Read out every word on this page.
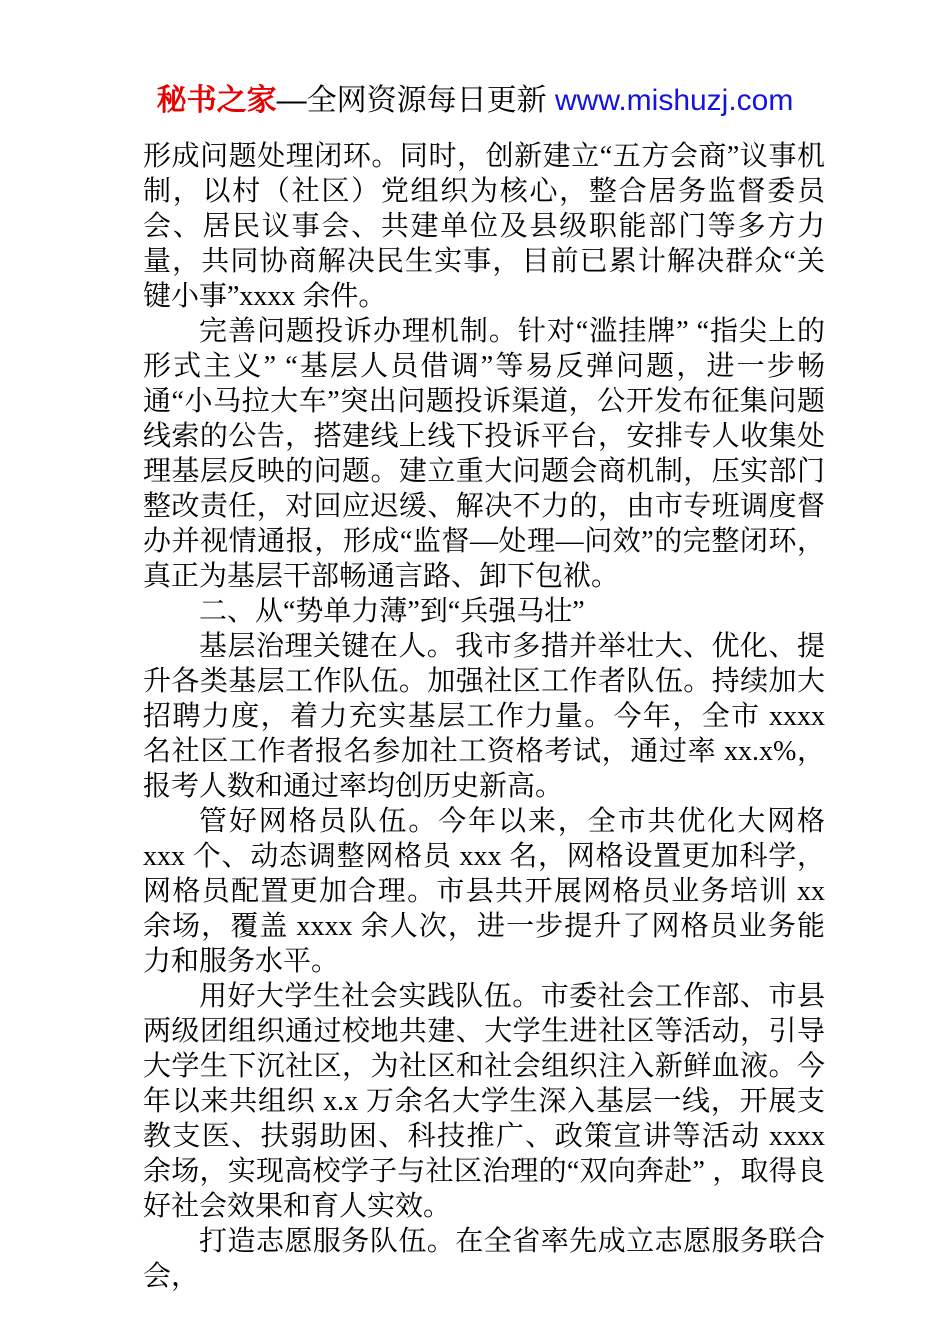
秘书之家—全网资源每日更新 www.mishuzj.com

形成问题处理闭环。同时，创新建立“五方会商”议事机制，以村（社区）党组织为核心，整合居务监督委员会、居民议事会、共建单位及县级职能部门等多方力量，共同协商解决民生实事，目前已累计解决群众“关键小事”xxxx 余件。

完善问题投诉办理机制。针对“滥挂牌” “指尖上的形式主义” “基层人员借调”等易反弹问题，进一步畅通“小马拉大车”突出问题投诉渠道，公开发布征集问题线索的公告，搭建线上线下投诉平台，安排专人收集处理基层反映的问题。建立重大问题会商机制，压实部门整改责任，对回应迟缓、解决不力的，由市专班调度督办并视情通报，形成“监督—处理—问效”的完整闭环，真正为基层干部畅通言路、卸下包袱。

二、从“势单力薄”到“兵强马壮”

基层治理关键在人。我市多措并举壮大、优化、提升各类基层工作队伍。加强社区工作者队伍。持续加大招聘力度，着力充实基层工作力量。今年，全市 xxxx 名社区工作者报名参加社工资格考试，通过率 xx.x%，报考人数和通过率均创历史新高。

管好网格员队伍。今年以来，全市共优化大网格 xxx 个、动态调整网格员 xxx 名，网格设置更加科学，网格员配置更加合理。市县共开展网格员业务培训 xx 余场，覆盖 xxxx 余人次，进一步提升了网格员业务能力和服务水平。

用好大学生社会实践队伍。市委社会工作部、市县两级团组织通过校地共建、大学生进社区等活动，引导大学生下沉社区，为社区和社会组织注入新鲜血液。今年以来共组织 x.x 万余名大学生深入基层一线，开展支教支医、扶弱助困、科技推广、政策宣讲等活动 xxxx 余场，实现高校学子与社区治理的“双向奔赴” ，取得良好社会效果和育人实效。

打造志愿服务队伍。在全省率先成立志愿服务联合会，
